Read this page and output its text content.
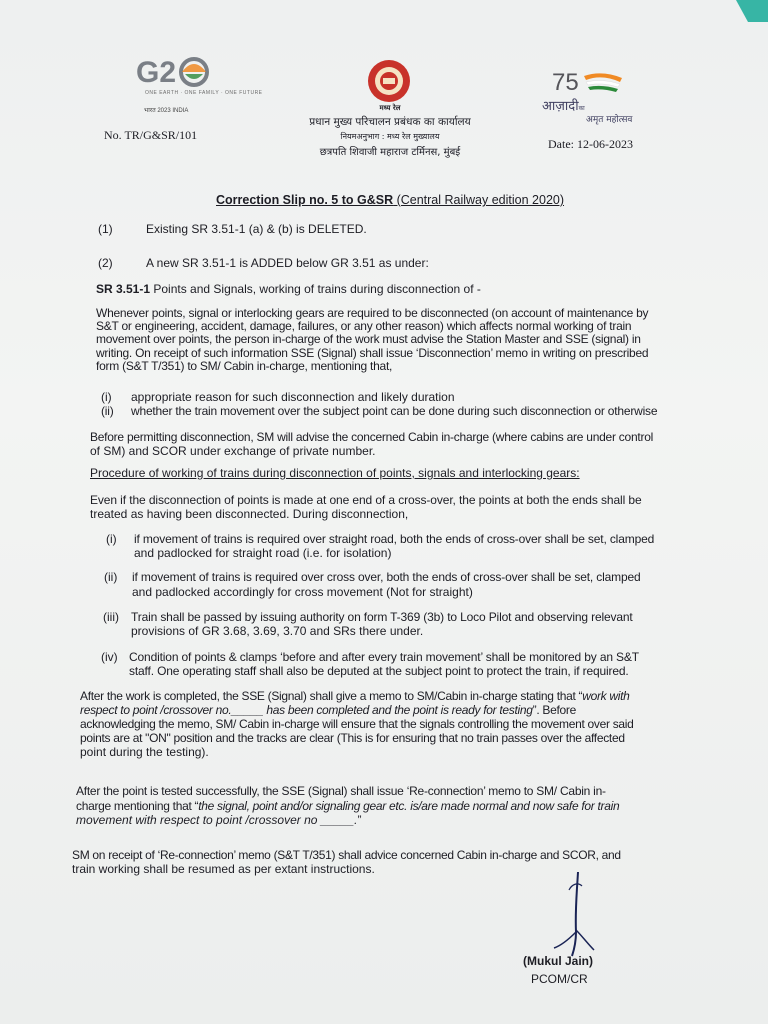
G2
ONE EARTH · ONE FAMILY · ONE FUTURE
भारत 2023 INDIA
No. TR/G&SR/101
मध्य रेल
प्रधान मुख्य परिचालन प्रबंधक का कार्यालय
नियमअनुभाग : मध्य रेल मुख्यालय
छत्रपति शिवाजी महाराज टर्मिनस, मुंबई
75
आज़ादीका
अमृत महोत्सव
Date: 12-06-2023
Correction Slip no. 5 to G&SR (Central Railway edition 2020)
(1)	Existing SR 3.51-1 (a) & (b) is DELETED.
(2)	A new SR 3.51-1 is ADDED below GR 3.51 as under:
SR 3.51-1 Points and Signals, working of trains during disconnection of -
Whenever points, signal or interlocking gears are required to be disconnected (on account of maintenance by
S&T or engineering, accident, damage, failures, or any other reason) which affects normal working of train
movement over points, the person in-charge of the work must advise the Station Master and SSE (signal) in
writing. On receipt of such information SSE (Signal) shall issue ‘Disconnection’ memo in writing on prescribed
form (S&T T/351) to SM/ Cabin in-charge, mentioning that,
(i) appropriate reason for such disconnection and likely duration
(ii) whether the train movement over the subject point can be done during such disconnection or otherwise
Before permitting disconnection, SM will advise the concerned Cabin in-charge (where cabins are under control
of SM) and SCOR under exchange of private number.
Procedure of working of trains during disconnection of points, signals and interlocking gears:
Even if the disconnection of points is made at one end of a cross-over, the points at both the ends shall be
treated as having been disconnected. During disconnection,
(i) if movement of trains is required over straight road, both the ends of cross-over shall be set, clamped
and padlocked for straight road (i.e. for isolation)
(ii) if movement of trains is required over cross over, both the ends of cross-over shall be set, clamped
and padlocked accordingly for cross movement (Not for straight)
(iii) Train shall be passed by issuing authority on form T-369 (3b) to Loco Pilot and observing relevant
provisions of GR 3.68, 3.69, 3.70 and SRs there under.
(iv) Condition of points & clamps ‘before and after every train movement’ shall be monitored by an S&T
staff. One operating staff shall also be deputed at the subject point to protect the train, if required.
After the work is completed, the SSE (Signal) shall give a memo to SM/Cabin in-charge stating that “work with
respect to point /crossover no._____ has been completed and the point is ready for testing”. Before
acknowledging the memo, SM/ Cabin in-charge will ensure that the signals controlling the movement over said
points are at "ON" position and the tracks are clear (This is for ensuring that no train passes over the affected
point during the testing).
After the point is tested successfully, the SSE (Signal) shall issue ‘Re-connection’ memo to SM/ Cabin in-
charge mentioning that “the signal, point and/or signaling gear etc. is/are made normal and now safe for train
movement with respect to point /crossover no _____.”
SM on receipt of ‘Re-connection’ memo (S&T T/351) shall advice concerned Cabin in-charge and SCOR, and
train working shall be resumed as per extant instructions.
(Mukul Jain)
PCOM/CR
